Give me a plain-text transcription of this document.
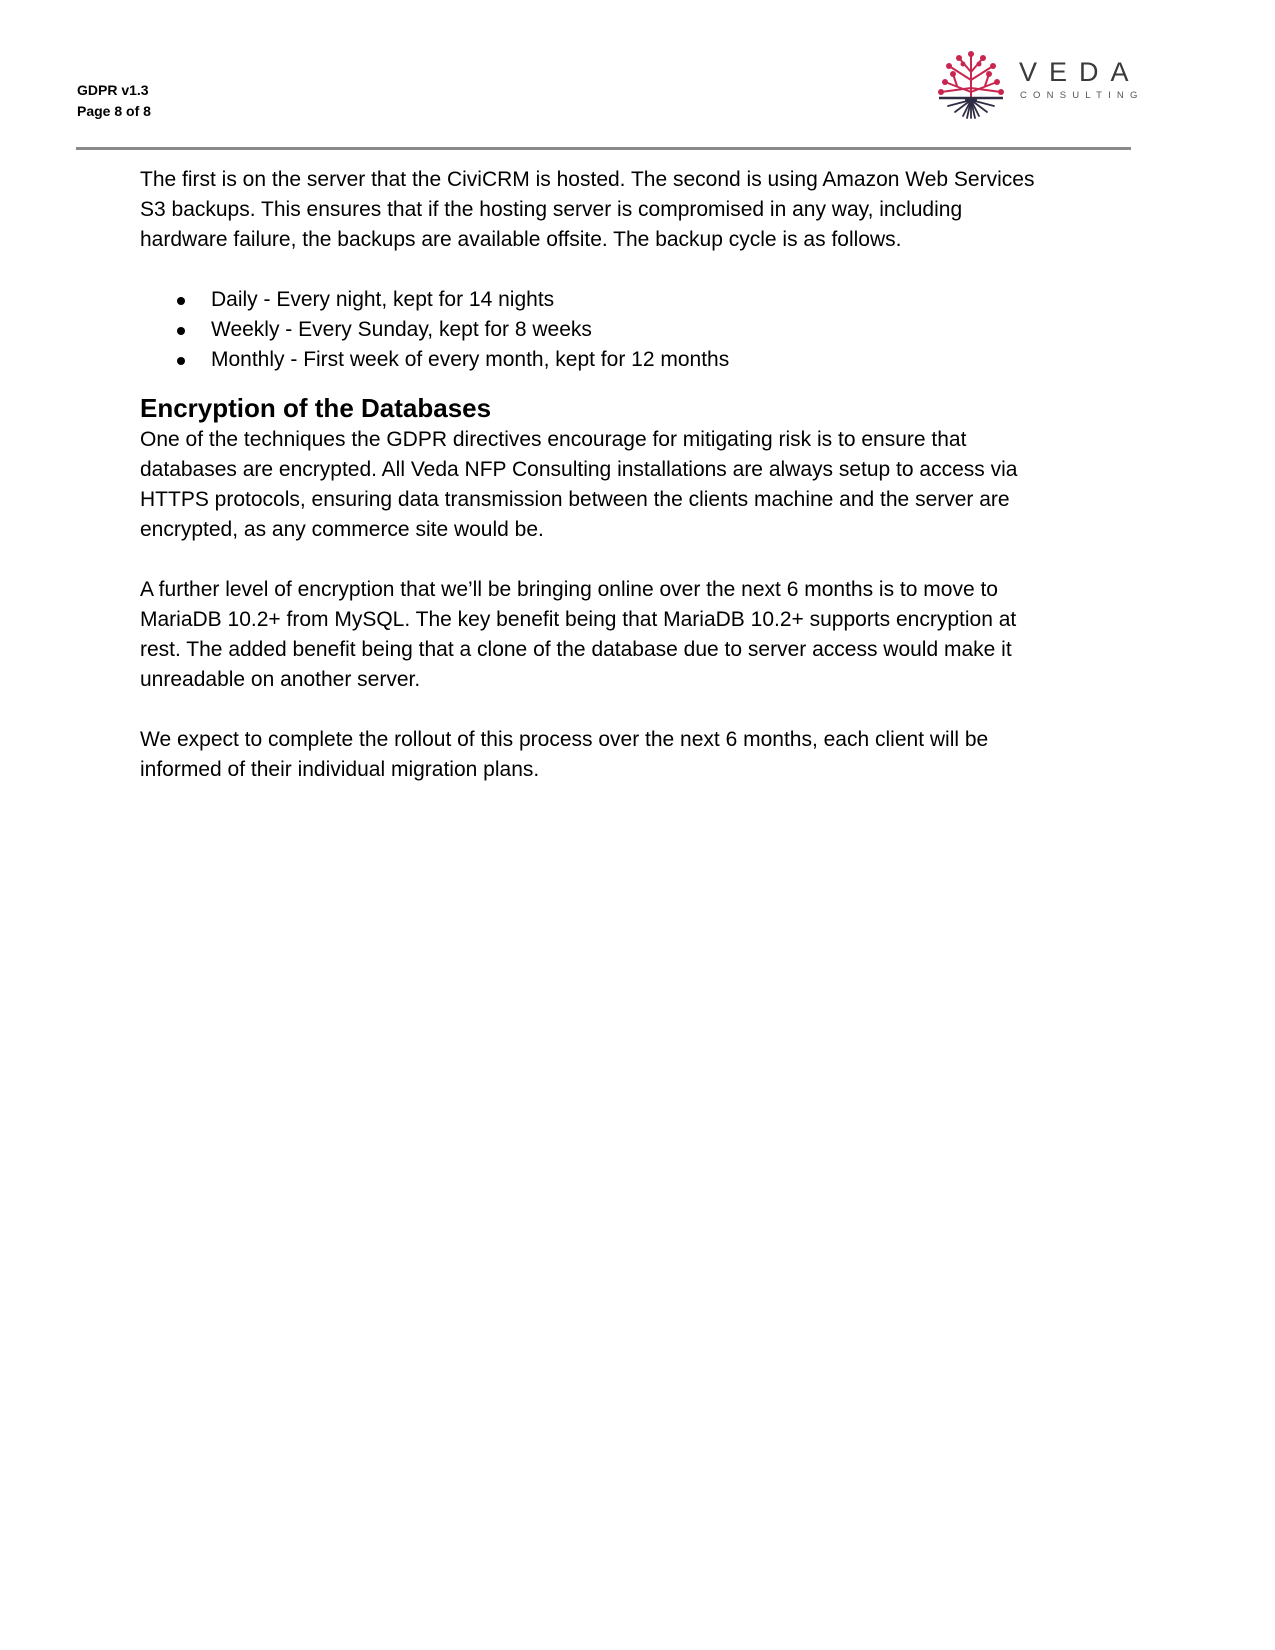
GDPR v1.3
Page 8 of 8
VEDA
CONSULTING

The first is on the server that the CiviCRM is hosted. The second is using Amazon Web Services
S3 backups. This ensures that if the hosting server is compromised in any way, including
hardware failure, the backups are available offsite. The backup cycle is as follows.

Daily - Every night, kept for 14 nights
Weekly - Every Sunday, kept for 8 weeks
Monthly - First week of every month, kept for 12 months
Encryption of the Databases

One of the techniques the GDPR directives encourage for mitigating risk is to ensure that
databases are encrypted. All Veda NFP Consulting installations are always setup to access via
HTTPS protocols, ensuring data transmission between the clients machine and the server are
encrypted, as any commerce site would be.

A further level of encryption that we’ll be bringing online over the next 6 months is to move to
MariaDB 10.2+ from MySQL. The key benefit being that MariaDB 10.2+ supports encryption at
rest. The added benefit being that a clone of the database due to server access would make it
unreadable on another server.

We expect to complete the rollout of this process over the next 6 months, each client will be
informed of their individual migration plans.
